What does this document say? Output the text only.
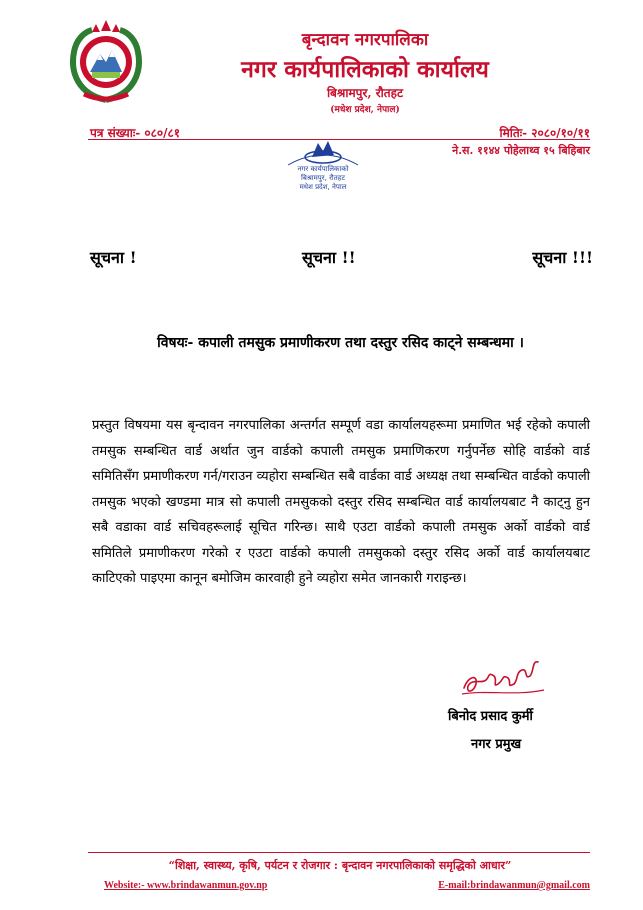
बृन्दावन नगरपालिका
नगर कार्यपालिकाको कार्यालय
बिश्रामपुर, रौतहट
(मधेश प्रदेश, नेपाल)
पत्र संख्याः- ०८०/८१	मितिः- २०८०/१०/११
ने.स. ११४४ पोहेलाथ्व १५ बिहिबार
नगर कार्यपालिकाको
बिश्रामपुर, रौतहट
मधेश प्रदेश, नेपाल
सूचना !	सूचना !!	सूचना !!!
विषयः- कपाली तमसुक प्रमाणीकरण तथा दस्तुर रसिद काट्ने सम्बन्धमा ।
प्रस्तुत विषयमा यस बृन्दावन नगरपालिका अन्तर्गत सम्पूर्ण वडा कार्यालयहरूमा प्रमाणित भई रहेको कपाली तमसुक सम्बन्धित वार्ड अर्थात जुन वार्डको कपाली तमसुक प्रमाणिकरण गर्नुपर्नेछ सोहि वार्डको वार्ड समितिसँग प्रमाणीकरण गर्न/गराउन व्यहोरा सम्बन्धित सबै वार्डका वार्ड अध्यक्ष तथा सम्बन्धित वार्डको कपाली तमसुक भएको खण्डमा मात्र सो कपाली तमसुकको दस्तुर रसिद सम्बन्धित वार्ड कार्यालयबाट नै काट्नु हुन सबै वडाका वार्ड सचिवहरूलाई सूचित गरिन्छ। साथै एउटा वार्डको कपाली तमसुक अर्को वार्डको वार्ड समितिले प्रमाणीकरण गरेको र एउटा वार्डको कपाली तमसुकको दस्तुर रसिद अर्को वार्ड कार्यालयबाट काटिएको पाइएमा कानून बमोजिम कारवाही हुने व्यहोरा समेत जानकारी गराइन्छ।
बिनोद प्रसाद कुर्मी
नगर प्रमुख
“शिक्षा, स्वास्थ्य, कृषि, पर्यटन र रोजगार : बृन्दावन नगरपालिकाको समृद्धिको आधार”
Website:- www.brindawanmun.gov.np	E-mail:brindawanmun@gmail.com
